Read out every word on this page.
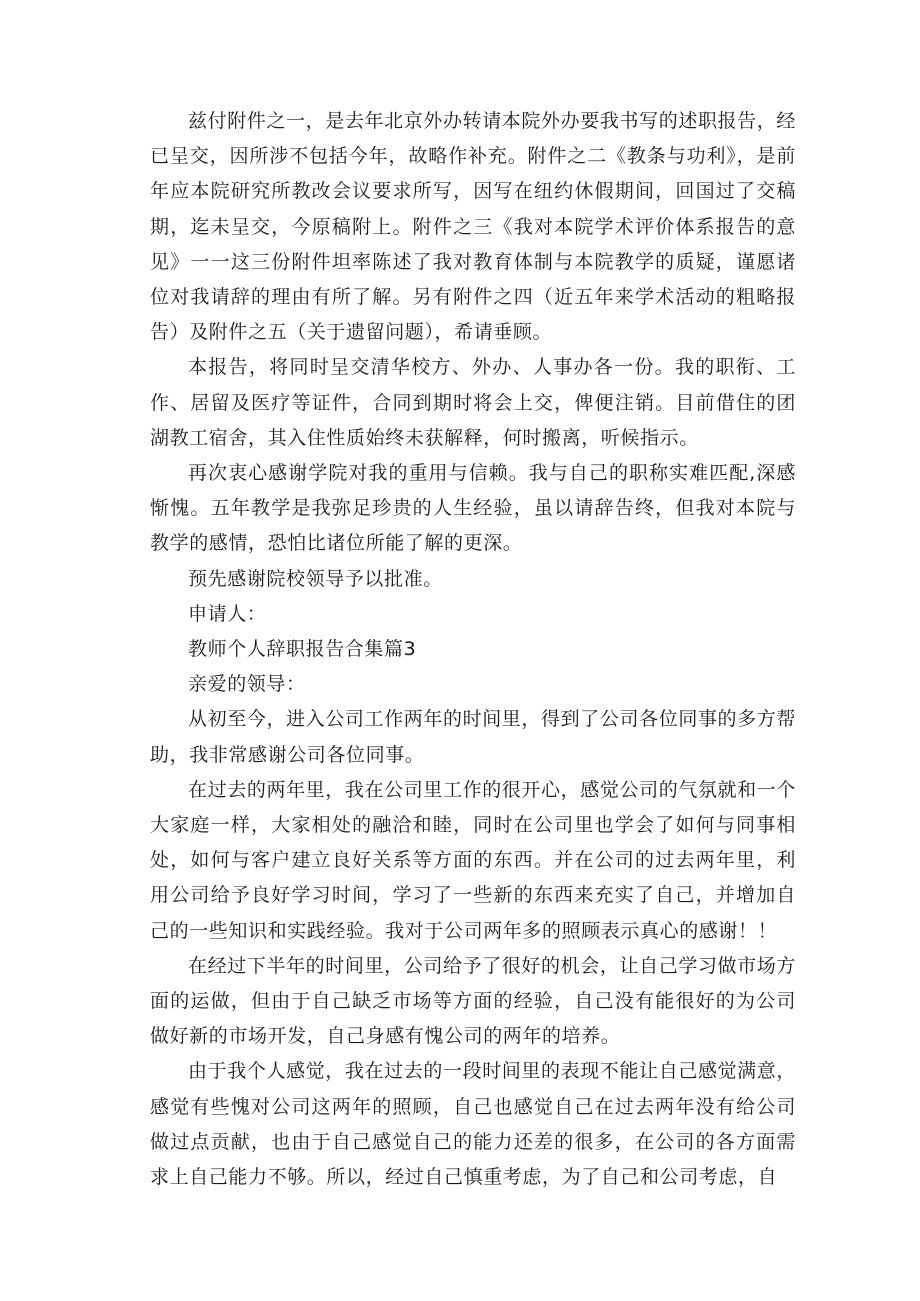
兹付附件之一，是去年北京外办转请本院外办要我书写的述职报告，经已呈交，因所涉不包括今年，故略作补充。附件之二《教条与功利》，是前年应本院研究所教改会议要求所写，因写在纽约休假期间，回国过了交稿期，迄未呈交，今原稿附上。附件之三《我对本院学术评价体系报告的意见》一一这三份附件坦率陈述了我对教育体制与本院教学的质疑，谨愿诸位对我请辞的理由有所了解。另有附件之四（近五年来学术活动的粗略报告）及附件之五（关于遗留问题），希请垂顾。

本报告，将同时呈交清华校方、外办、人事办各一份。我的职衔、工作、居留及医疗等证件，合同到期时将会上交，俾便注销。目前借住的团湖教工宿舍，其入住性质始终未获解释，何时搬离，听候指示。

再次衷心感谢学院对我的重用与信赖。我与自己的职称实难匹配,深感惭愧。五年教学是我弥足珍贵的人生经验，虽以请辞告终，但我对本院与教学的感情，恐怕比诸位所能了解的更深。

预先感谢院校领导予以批准。

申请人：

教师个人辞职报告合集篇3

亲爱的领导：

从初至今，进入公司工作两年的时间里，得到了公司各位同事的多方帮助，我非常感谢公司各位同事。

在过去的两年里，我在公司里工作的很开心，感觉公司的气氛就和一个大家庭一样，大家相处的融洽和睦，同时在公司里也学会了如何与同事相处，如何与客户建立良好关系等方面的东西。并在公司的过去两年里，利用公司给予良好学习时间，学习了一些新的东西来充实了自己，并增加自己的一些知识和实践经验。我对于公司两年多的照顾表示真心的感谢！！

在经过下半年的时间里，公司给予了很好的机会，让自己学习做市场方面的运做，但由于自己缺乏市场等方面的经验，自己没有能很好的为公司做好新的市场开发，自己身感有愧公司的两年的培养。

由于我个人感觉，我在过去的一段时间里的表现不能让自己感觉满意，感觉有些愧对公司这两年的照顾，自己也感觉自己在过去两年没有给公司做过点贡献，也由于自己感觉自己的能力还差的很多，在公司的各方面需求上自己能力不够。所以，经过自己慎重考虑，为了自己和公司考虑，自
